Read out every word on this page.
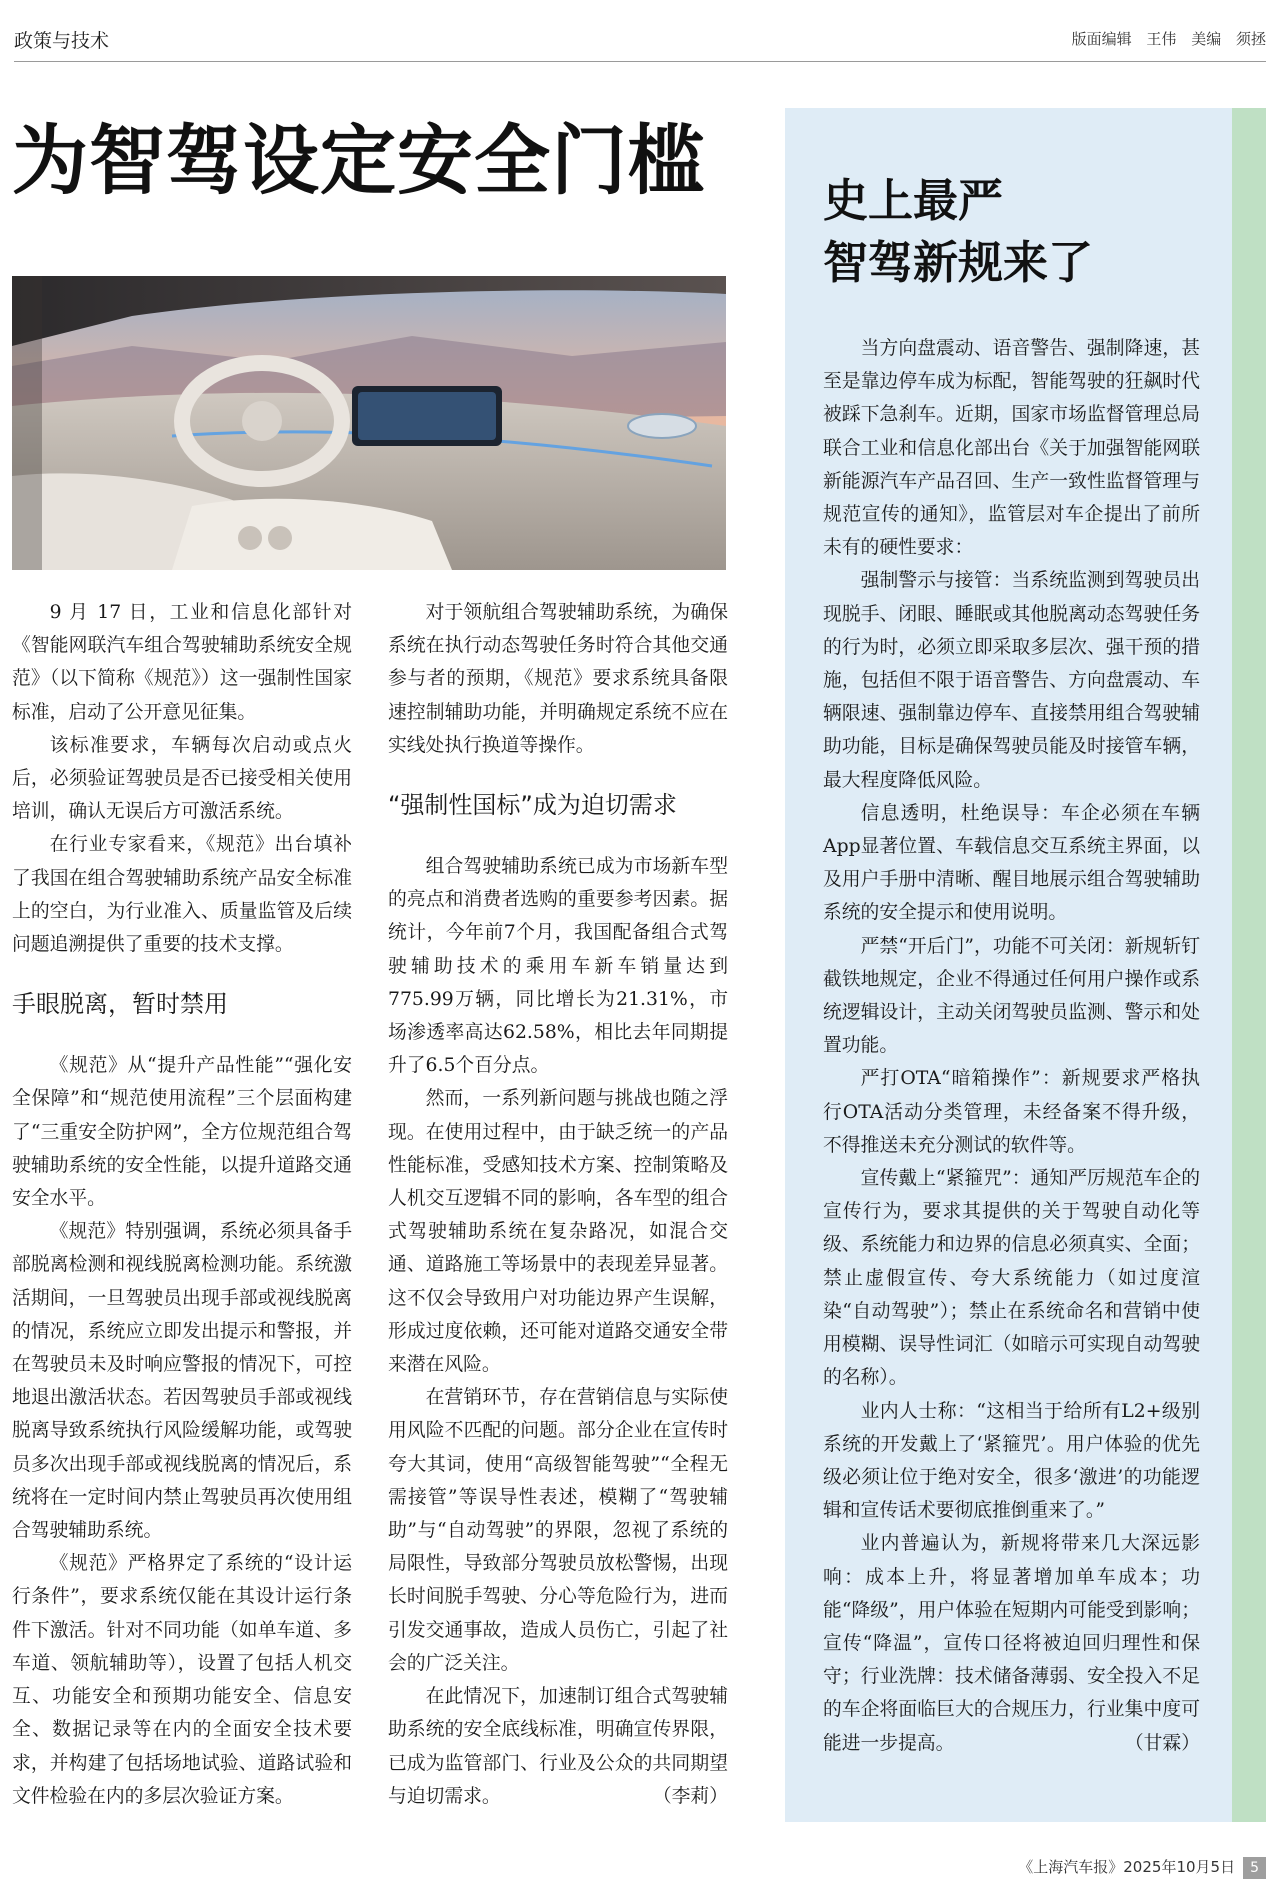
政策与技术	版面编辑 王伟 美编 须拯
为智驾设定安全门槛

9 月 17 日，工业和信息化部针对《智能网联汽车组合驾驶辅助系统安全规范》（以下简称《规范》）这一强制性国家标准，启动了公开意见征集。

该标准要求，车辆每次启动或点火后，必须验证驾驶员是否已接受相关使用培训，确认无误后方可激活系统。

在行业专家看来，《规范》出台填补了我国在组合驾驶辅助系统产品安全标准上的空白，为行业准入、质量监管及后续问题追溯提供了重要的技术支撑。

手眼脱离，暂时禁用

《规范》从“提升产品性能”“强化安全保障”和“规范使用流程”三个层面构建了“三重安全防护网”，全方位规范组合驾驶辅助系统的安全性能，以提升道路交通安全水平。

《规范》特别强调，系统必须具备手部脱离检测和视线脱离检测功能。系统激活期间，一旦驾驶员出现手部或视线脱离的情况，系统应立即发出提示和警报，并在驾驶员未及时响应警报的情况下，可控地退出激活状态。若因驾驶员手部或视线脱离导致系统执行风险缓解功能，或驾驶员多次出现手部或视线脱离的情况后，系统将在一定时间内禁止驾驶员再次使用组合驾驶辅助系统。

《规范》严格界定了系统的“设计运行条件”，要求系统仅能在其设计运行条件下激活。针对不同功能（如单车道、多车道、领航辅助等），设置了包括人机交互、功能安全和预期功能安全、信息安全、数据记录等在内的全面安全技术要求，并构建了包括场地试验、道路试验和文件检验在内的多层次验证方案。

对于领航组合驾驶辅助系统，为确保系统在执行动态驾驶任务时符合其他交通参与者的预期，《规范》要求系统具备限速控制辅助功能，并明确规定系统不应在实线处执行换道等操作。

“强制性国标”成为迫切需求

组合驾驶辅助系统已成为市场新车型的亮点和消费者选购的重要参考因素。据统计，今年前7个月，我国配备组合式驾驶辅助技术的乘用车新车销量达到775.99万辆，同比增长为21.31%，市场渗透率高达62.58%，相比去年同期提升了6.5个百分点。

然而，一系列新问题与挑战也随之浮现。在使用过程中，由于缺乏统一的产品性能标准，受感知技术方案、控制策略及人机交互逻辑不同的影响，各车型的组合式驾驶辅助系统在复杂路况，如混合交通、道路施工等场景中的表现差异显著。这不仅会导致用户对功能边界产生误解，形成过度依赖，还可能对道路交通安全带来潜在风险。

在营销环节，存在营销信息与实际使用风险不匹配的问题。部分企业在宣传时夸大其词，使用“高级智能驾驶”“全程无需接管”等误导性表述，模糊了“驾驶辅助”与“自动驾驶”的界限，忽视了系统的局限性，导致部分驾驶员放松警惕，出现长时间脱手驾驶、分心等危险行为，进而引发交通事故，造成人员伤亡，引起了社会的广泛关注。

在此情况下，加速制订组合式驾驶辅助系统的安全底线标准，明确宣传界限，已成为监管部门、行业及公众的共同期望与迫切需求。	（李莉）

史上最严
智驾新规来了

当方向盘震动、语音警告、强制降速，甚至是靠边停车成为标配，智能驾驶的狂飙时代被踩下急刹车。近期，国家市场监督管理总局联合工业和信息化部出台《关于加强智能网联新能源汽车产品召回、生产一致性监督管理与规范宣传的通知》，监管层对车企提出了前所未有的硬性要求：

强制警示与接管：当系统监测到驾驶员出现脱手、闭眼、睡眠或其他脱离动态驾驶任务的行为时，必须立即采取多层次、强干预的措施，包括但不限于语音警告、方向盘震动、车辆限速、强制靠边停车、直接禁用组合驾驶辅助功能，目标是确保驾驶员能及时接管车辆，最大程度降低风险。

信息透明，杜绝误导：车企必须在车辆App显著位置、车载信息交互系统主界面，以及用户手册中清晰、醒目地展示组合驾驶辅助系统的安全提示和使用说明。

严禁“开后门”，功能不可关闭：新规斩钉截铁地规定，企业不得通过任何用户操作或系统逻辑设计，主动关闭驾驶员监测、警示和处置功能。

严打OTA“暗箱操作”：新规要求严格执行OTA活动分类管理，未经备案不得升级，不得推送未充分测试的软件等。

宣传戴上“紧箍咒”：通知严厉规范车企的宣传行为，要求其提供的关于驾驶自动化等级、系统能力和边界的信息必须真实、全面；禁止虚假宣传、夸大系统能力（如过度渲染“自动驾驶”）；禁止在系统命名和营销中使用模糊、误导性词汇（如暗示可实现自动驾驶的名称）。

业内人士称：“这相当于给所有L2+级别系统的开发戴上了‘紧箍咒’。用户体验的优先级必须让位于绝对安全，很多‘激进’的功能逻辑和宣传话术要彻底推倒重来了。”

业内普遍认为，新规将带来几大深远影响：成本上升，将显著增加单车成本；功能“降级”，用户体验在短期内可能受到影响；宣传“降温”，宣传口径将被迫回归理性和保守；行业洗牌：技术储备薄弱、安全投入不足的车企将面临巨大的合规压力，行业集中度可能进一步提高。	（甘霖）

《上海汽车报》2025年10月5日 5
